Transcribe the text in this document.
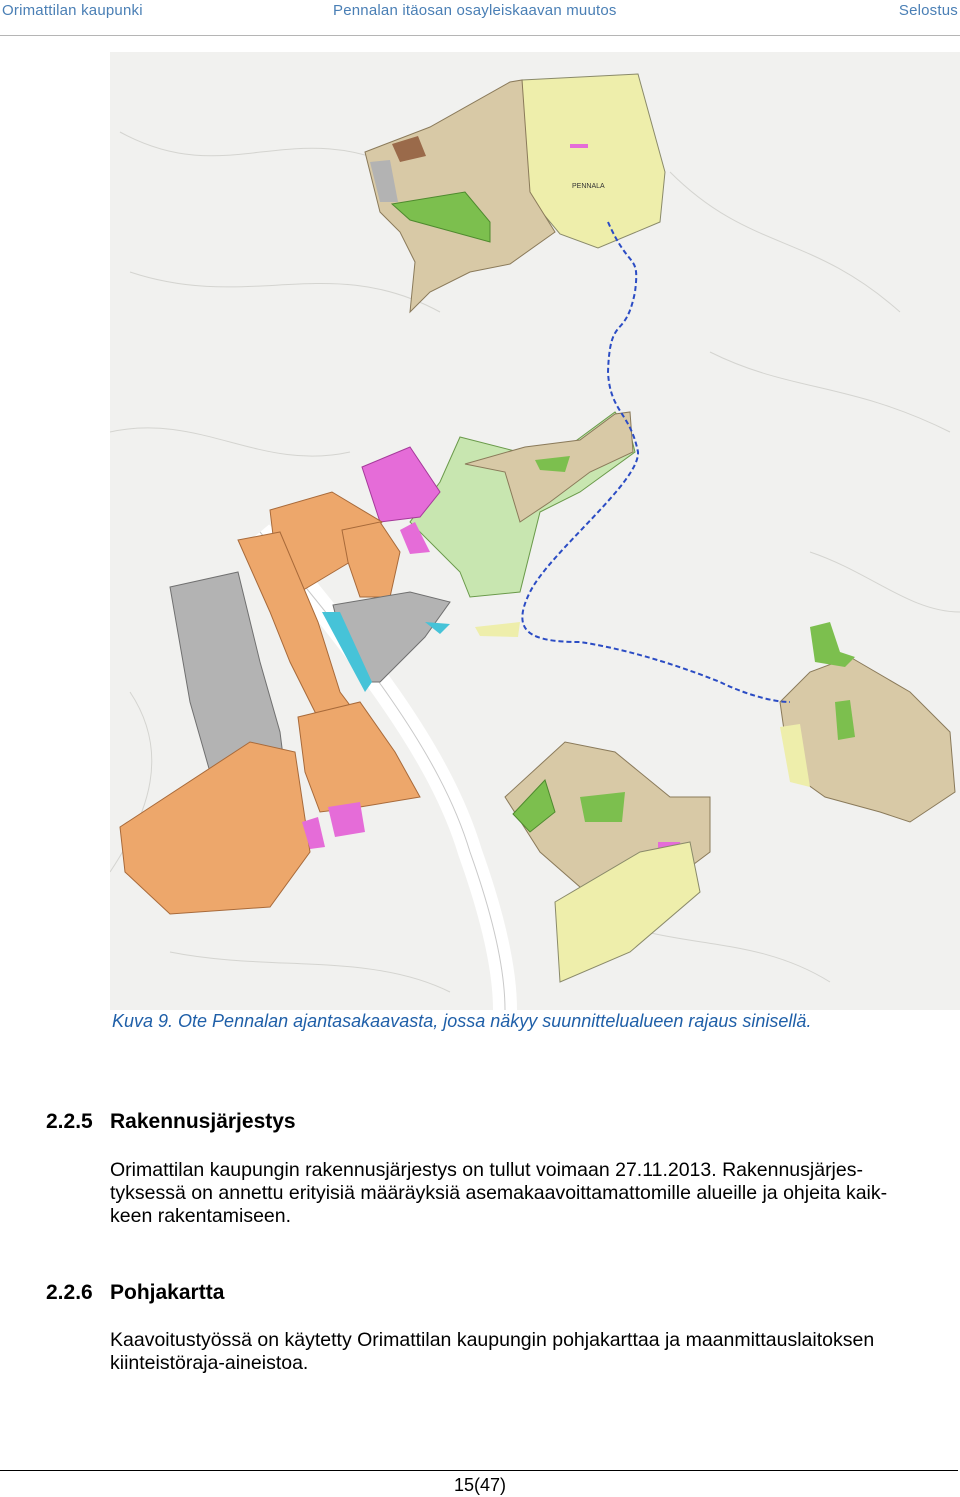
Orimattilan kaupunki	Pennalan itäosan osayleiskaavan muutos	Selostus
PENNALA
Kuva 9. Ote Pennalan ajantasakaavasta, jossa näkyy suunnittelualueen rajaus sinisellä.
2.2.5 Rakennusjärjestys
Orimattilan kaupungin rakennusjärjestys on tullut voimaan 27.11.2013. Rakennusjärjes-
tyksessä on annettu erityisiä määräyksiä asemakaavoittamattomille alueille ja ohjeita kaik-
keen rakentamiseen.
2.2.6 Pohjakartta
Kaavoitustyössä on käytetty Orimattilan kaupungin pohjakarttaa ja maanmittauslaitoksen
kiinteistöraja-aineistoa.
15(47)
